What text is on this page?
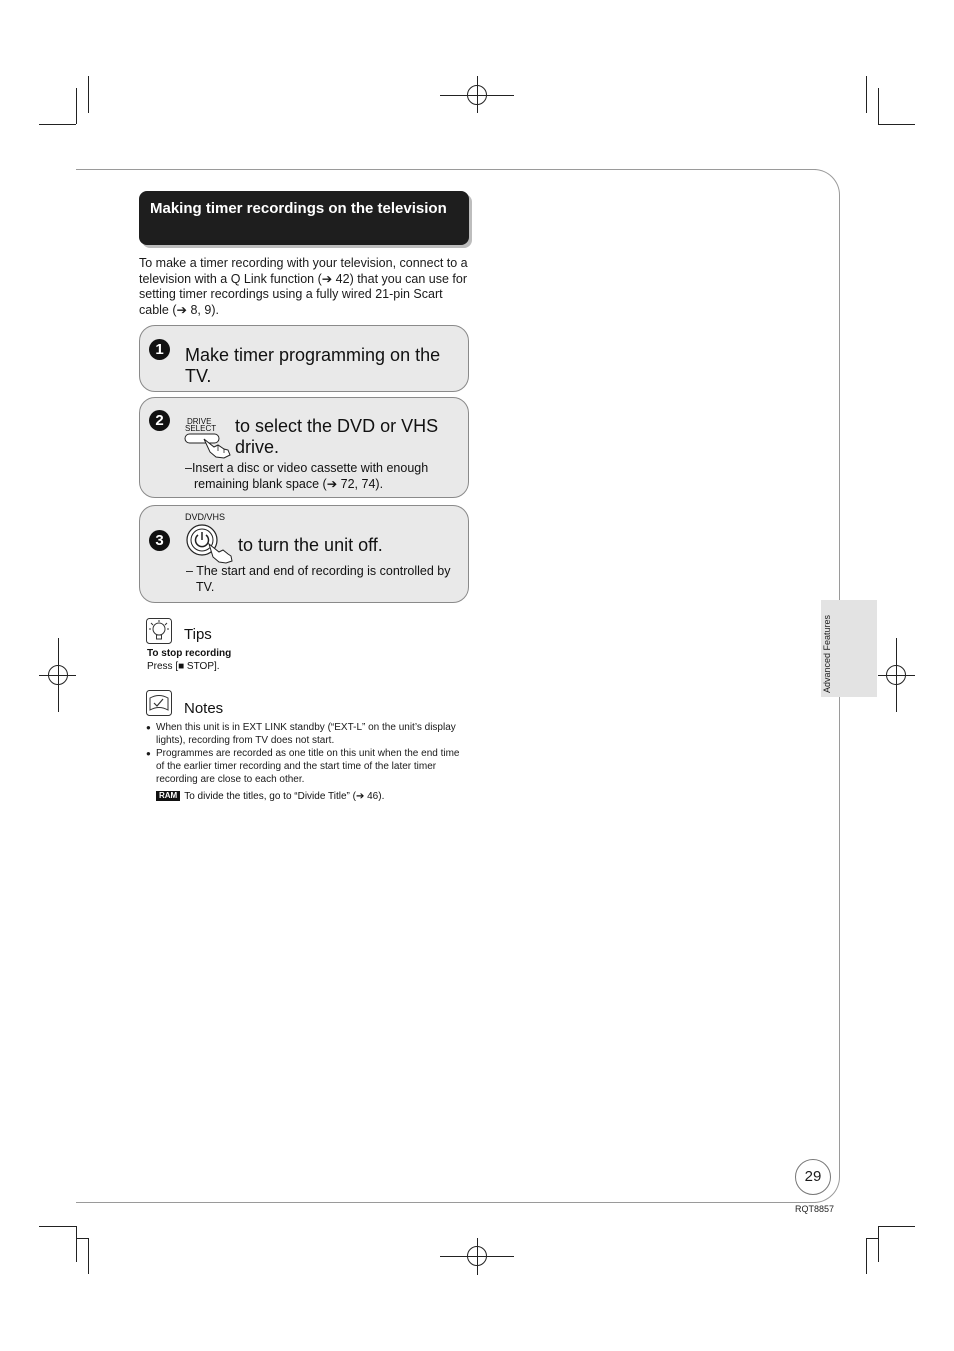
Making timer recordings on the television
To make a timer recording with your television, connect to a television with a Q Link function (➔ 42) that you can use for setting timer recordings using a fully wired 21-pin Scart cable (➔ 8, 9).
1	Make timer programming on the TV.
2	DRIVE
SELECT to select the DVD or VHS drive.
–Insert a disc or video cassette with enough remaining blank space (➔ 72, 74).
3
DVD/VHS
to turn the unit off.
– The start and end of recording is controlled by TV.
Tips
To stop recording
Press [■ STOP].
Notes
● When this unit is in EXT LINK standby (“EXT-L” on the unit’s display lights), recording from TV does not start.
● Programmes are recorded as one title on this unit when the end time of the earlier timer recording and the start time of the later timer recording are close to each other.
RAM To divide the titles, go to “Divide Title” (➔ 46).
Advanced Features
29
RQT8857
